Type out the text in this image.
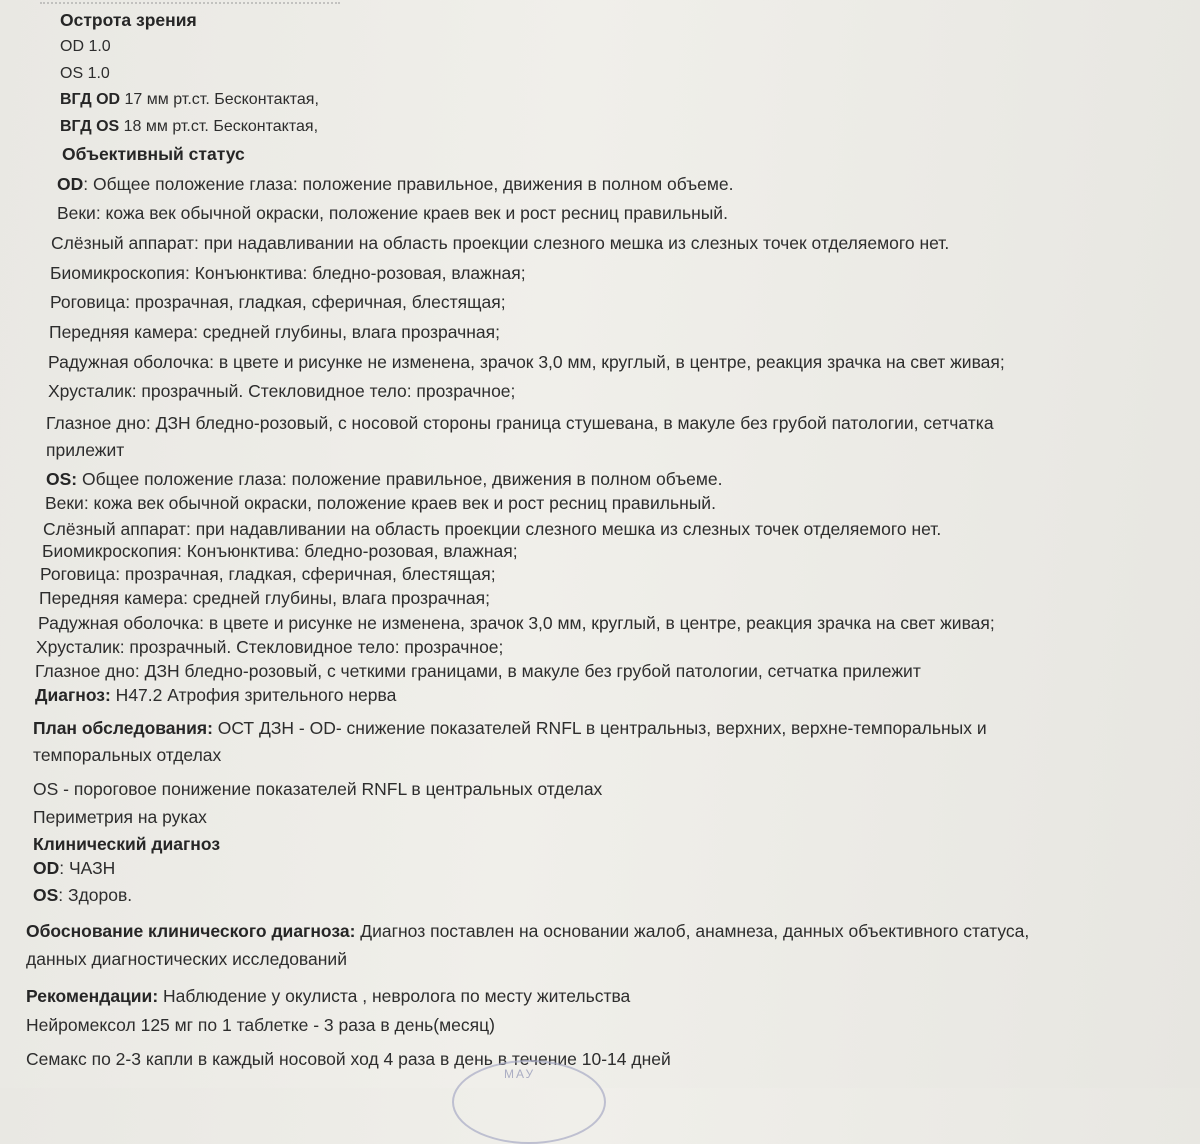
Острота зрения
OD 1.0
OS 1.0
ВГД OD 17 мм рт.ст. Бесконтактая,
ВГД OS 18 мм рт.ст. Бесконтактая,
Объективный статус
OD: Общее положение глаза: положение правильное, движения в полном объеме.
Веки: кожа век обычной окраски, положение краев век и рост ресниц правильный.
Слёзный аппарат: при надавливании на область проекции слезного мешка из слезных точек отделяемого нет.
Биомикроскопия: Конъюнктива: бледно-розовая, влажная;
Роговица: прозрачная, гладкая, сферичная, блестящая;
Передняя камера: средней глубины, влага прозрачная;
Радужная оболочка: в цвете и рисунке не изменена, зрачок 3,0 мм, круглый, в центре, реакция зрачка на свет живая;
Хрусталик: прозрачный. Стекловидное тело: прозрачное;
Глазное дно: ДЗН бледно-розовый, с носовой стороны граница стушевана, в макуле без грубой патологии, сетчатка
прилежит
OS: Общее положение глаза: положение правильное, движения в полном объеме.
Веки: кожа век обычной окраски, положение краев век и рост ресниц правильный.
Слёзный аппарат: при надавливании на область проекции слезного мешка из слезных точек отделяемого нет.
Биомикроскопия: Конъюнктива: бледно-розовая, влажная;
Роговица: прозрачная, гладкая, сферичная, блестящая;
Передняя камера: средней глубины, влага прозрачная;
Радужная оболочка: в цвете и рисунке не изменена, зрачок 3,0 мм, круглый, в центре, реакция зрачка на свет живая;
Хрусталик: прозрачный. Стекловидное тело: прозрачное;
Глазное дно: ДЗН бледно-розовый, с четкими границами, в макуле без грубой патологии, сетчатка прилежит
Диагноз: H47.2 Атрофия зрительного нерва
План обследования: ОСТ ДЗН - OD- снижение показателей RNFL в центральныз, верхних, верхне-темпоральных и
темпоральных отделах
OS - пороговое понижение показателей RNFL в центральных отделах
Периметрия на руках
Клинический диагноз
OD: ЧАЗН
OS: Здоров.
Обоснование клинического диагноза: Диагноз поставлен на основании жалоб, анамнеза, данных объективного статуса,
данных диагностических исследований
Рекомендации: Наблюдение у окулиста , невролога по месту жительства
Нейромексол 125 мг по 1 таблетке - 3 раза в день(месяц)
Семакс по 2-3 капли в каждый носовой ход 4 раза в день в течение 10-14 дней
МАУ
